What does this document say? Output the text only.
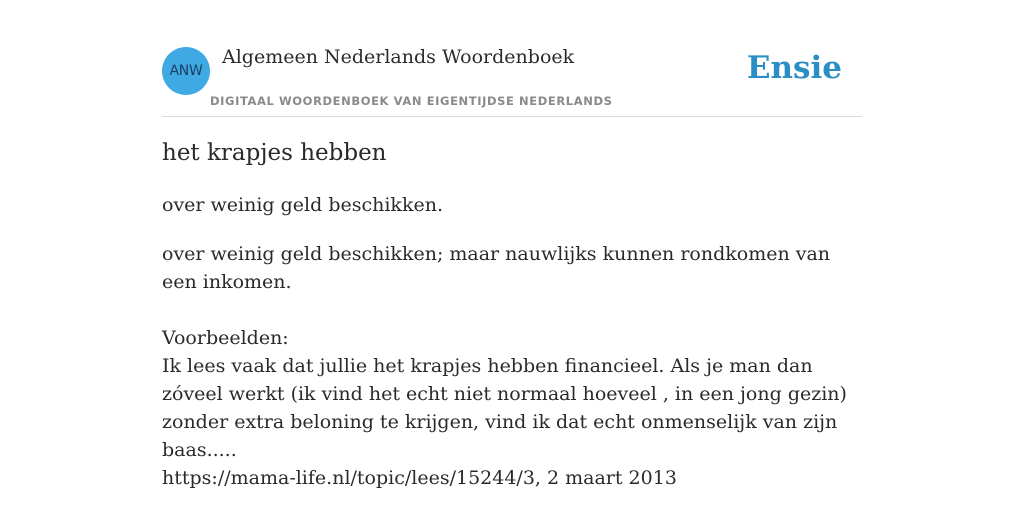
ANW
Algemeen Nederlands Woordenboek
DIGITAAL WOORDENBOEK VAN EIGENTIJDSE NEDERLANDS
Ensie
het krapjes hebben

over weinig geld beschikken.

over weinig geld beschikken; maar nauwlijks kunnen rondkomen van een inkomen.

Voorbeelden:
Ik lees vaak dat jullie het krapjes hebben financieel. Als je man dan zóveel werkt (ik vind het echt niet normaal hoeveel , in een jong gezin) zonder extra beloning te krijgen, vind ik dat echt onmenselijk van zijn baas.....
https://mama-life.nl/topic/lees/15244/3, 2 maart 2013
